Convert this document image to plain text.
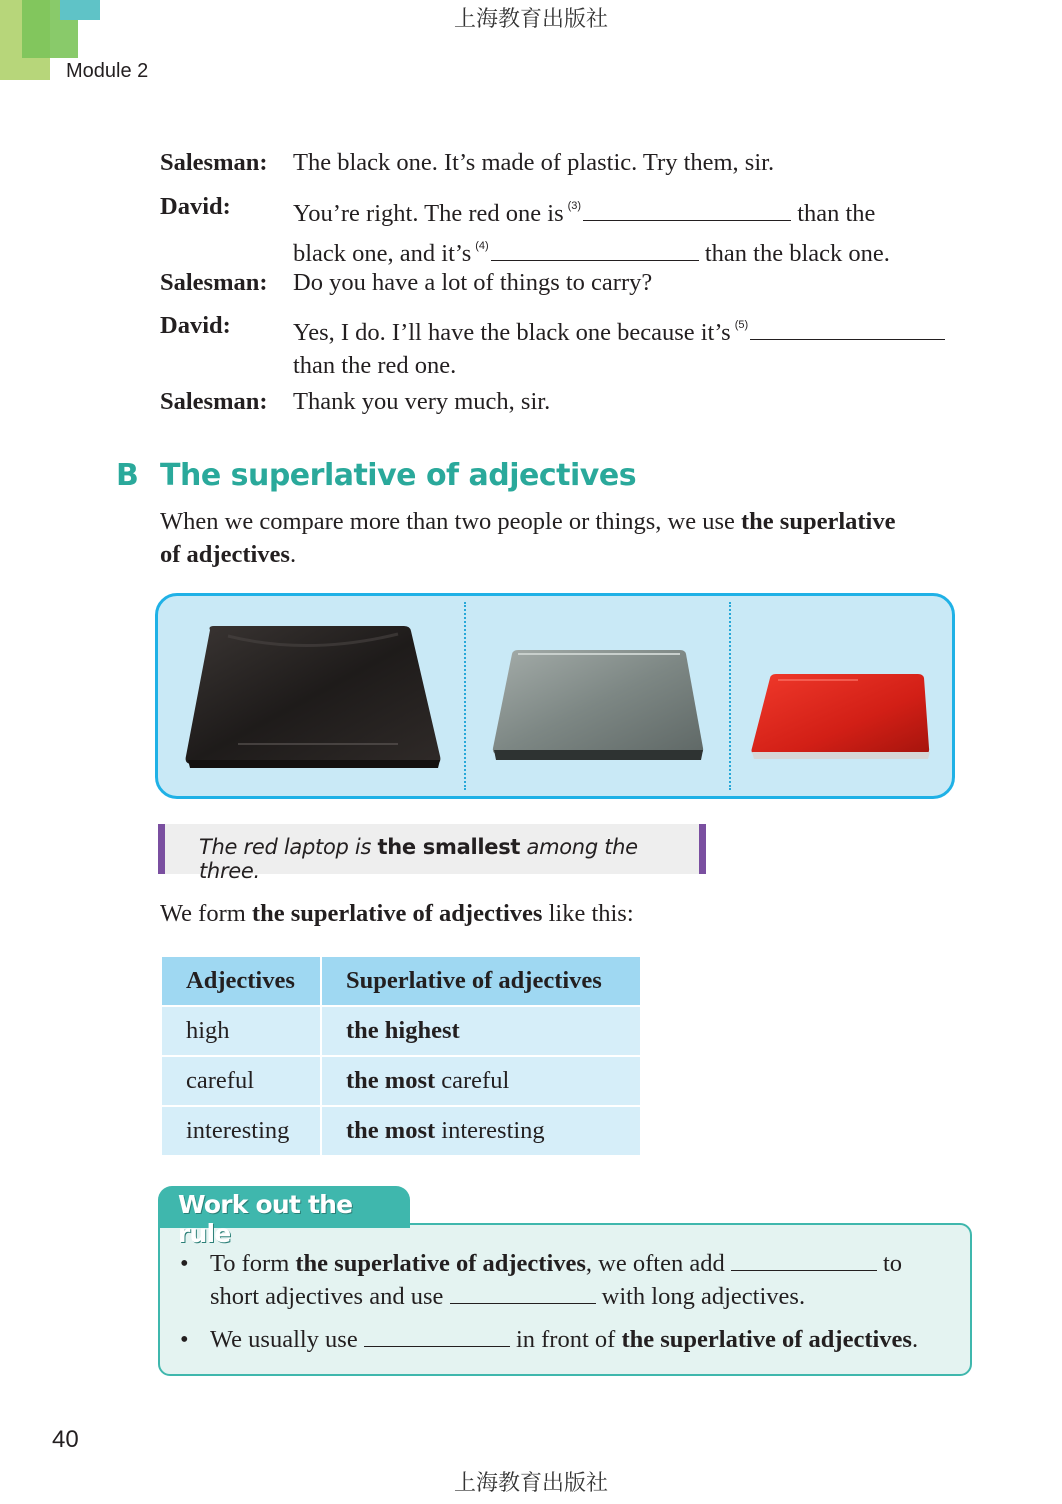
上海教育出版社
Module 2
Salesman: The black one. It’s made of plastic. Try them, sir.
David:	You’re right. The red one is $^{(3)}$	than the
black one, and it’s $^{(4)}$	than the black one.
Salesman: Do you have a lot of things to carry?
David:	Yes, I do. I’ll have the black one because it’s $^{(5)}$
than the red one.
Salesman: Thank you very much, sir.
B The superlative of adjectives
When we compare more than two people or things, we use the superlative of adjectives.
The red laptop is the smallest among the three.
We form the superlative of adjectives like this:
Adjectives	Superlative of adjectives
high	the highest
careful	the most careful
interesting	the most interesting
• To form the superlative of adjectives, we often add	to
short adjectives and use	with long adjectives.
• We usually use	in front of the superlative of adjectives.
Work out the rule
40
上海教育出版社
